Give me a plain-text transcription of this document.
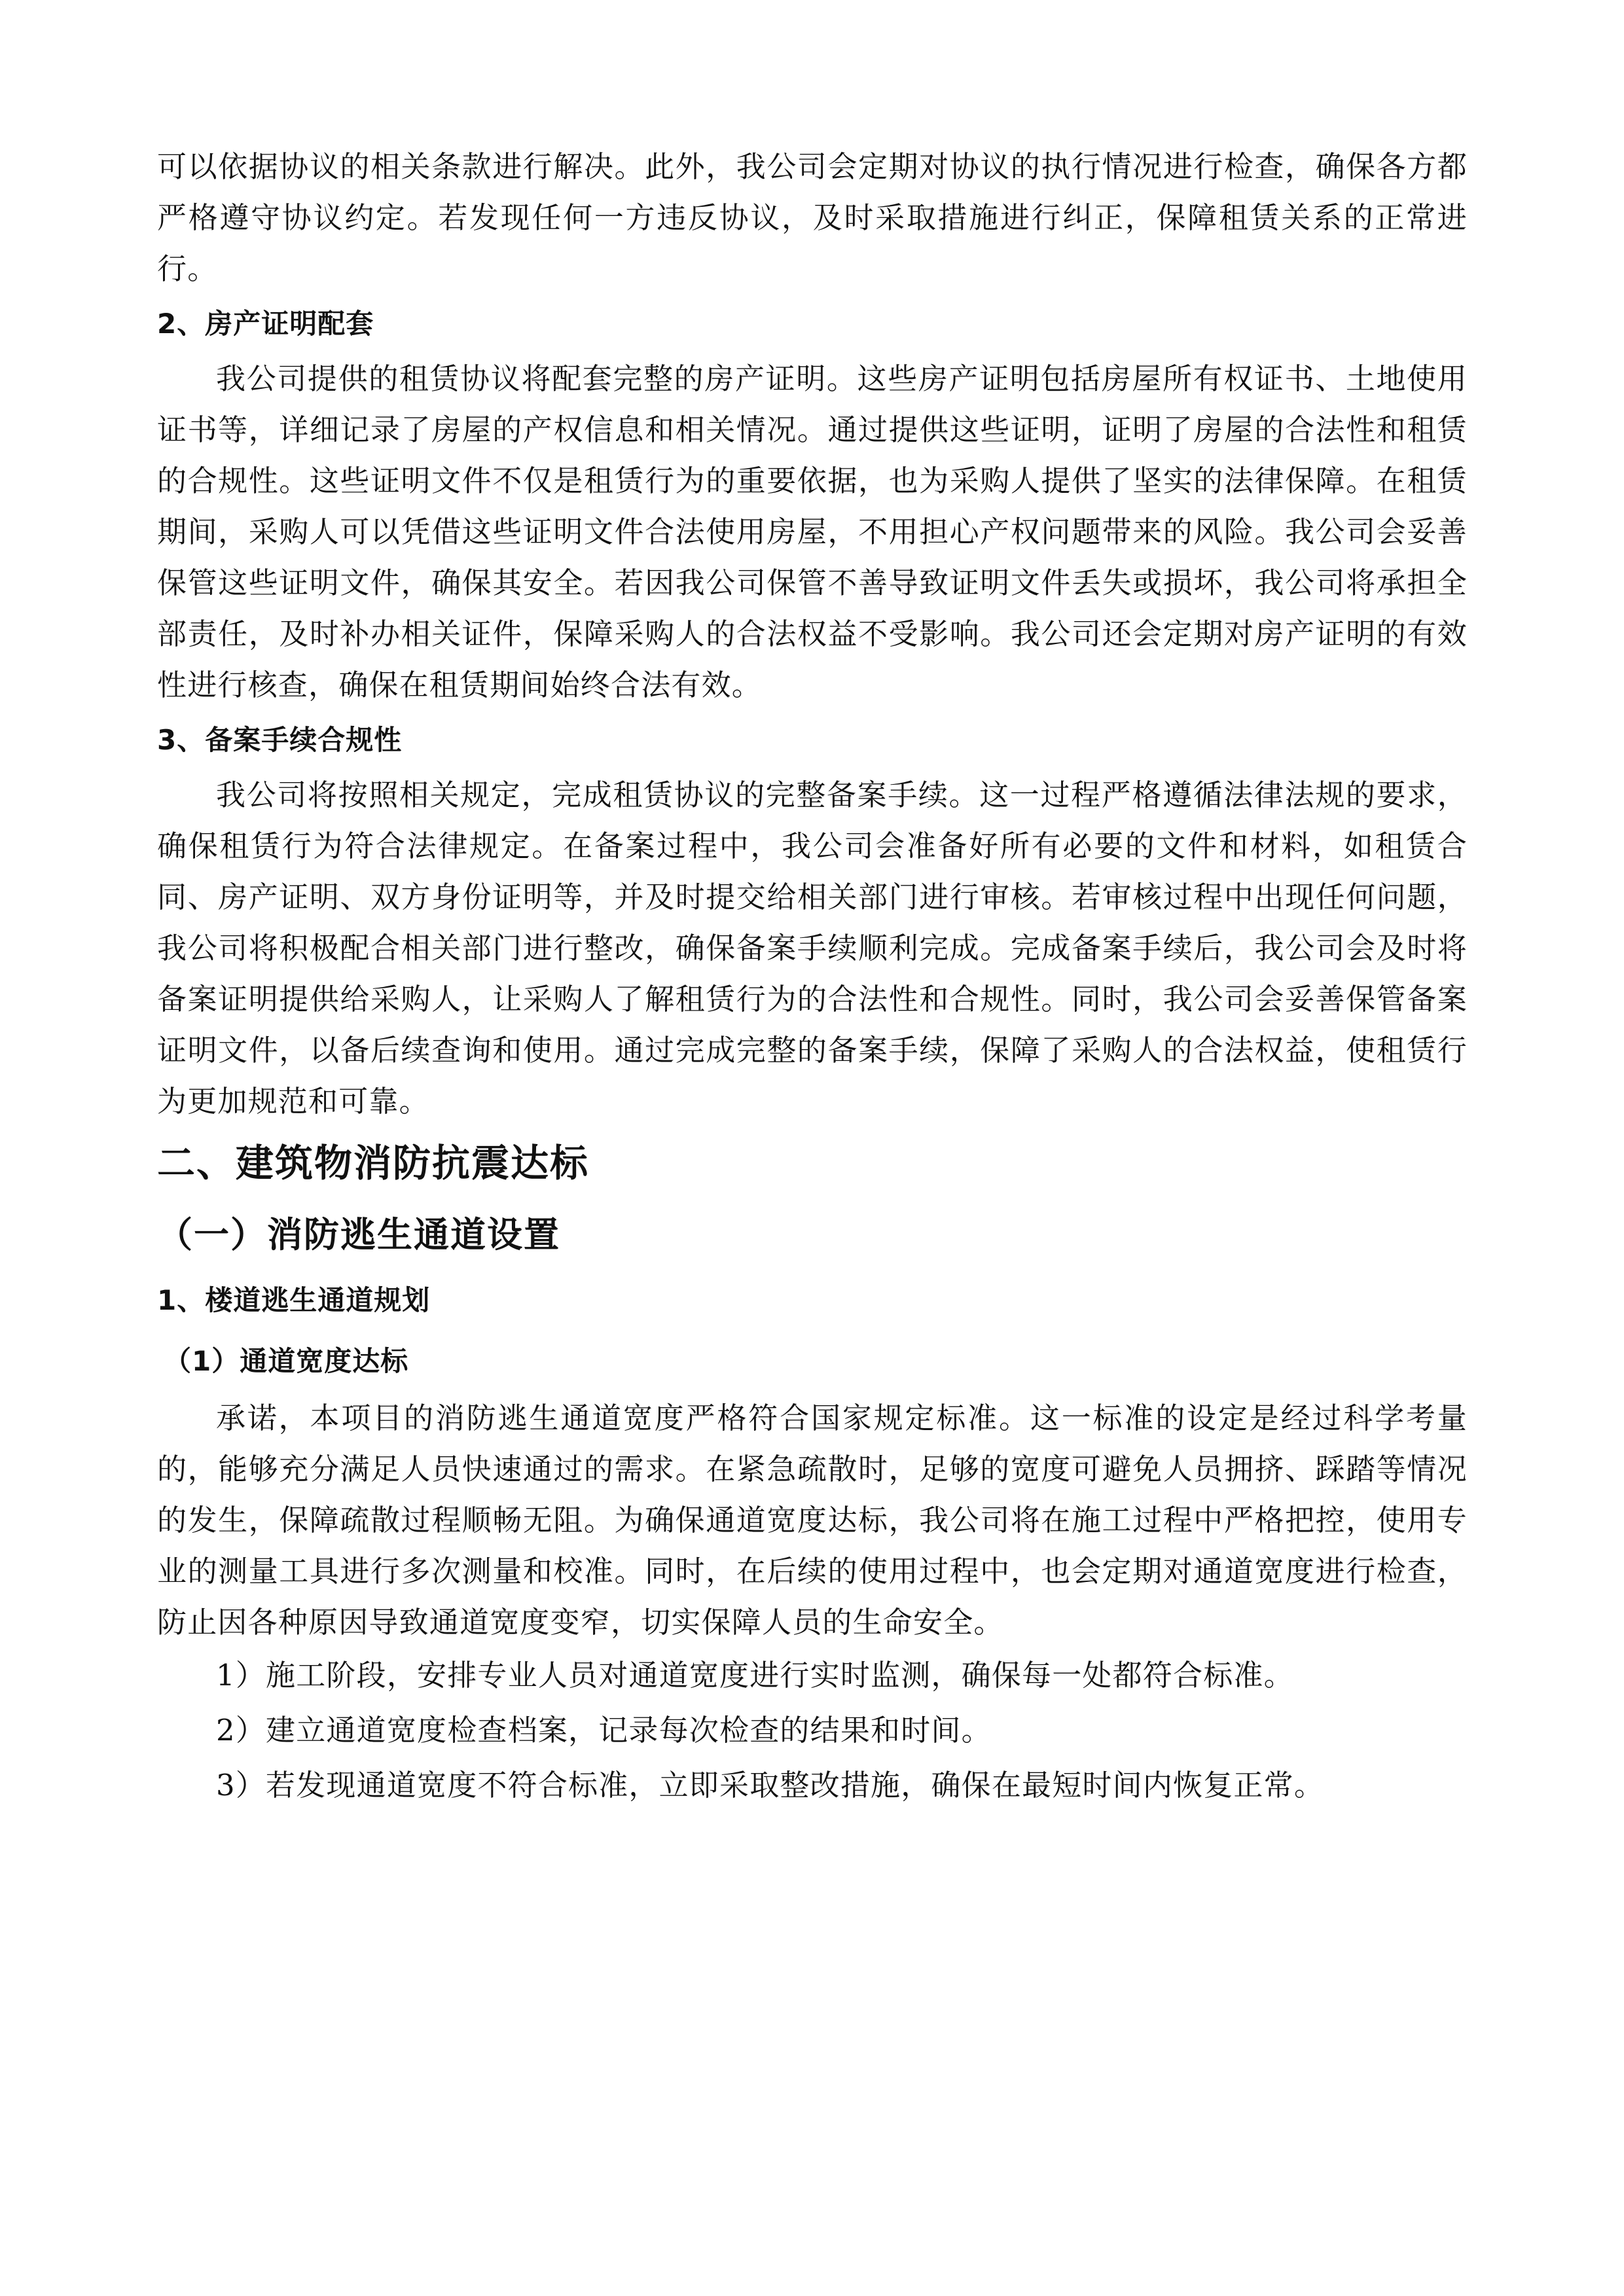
可以依据协议的相关条款进行解决。此外，我公司会定期对协议的执行情况进行检查，确保各方都严格遵守协议约定。若发现任何一方违反协议，及时采取措施进行纠正，保障租赁关系的正常进行。

2、房产证明配套

我公司提供的租赁协议将配套完整的房产证明。这些房产证明包括房屋所有权证书、土地使用证书等，详细记录了房屋的产权信息和相关情况。通过提供这些证明，证明了房屋的合法性和租赁的合规性。这些证明文件不仅是租赁行为的重要依据，也为采购人提供了坚实的法律保障。在租赁期间，采购人可以凭借这些证明文件合法使用房屋，不用担心产权问题带来的风险。我公司会妥善保管这些证明文件，确保其安全。若因我公司保管不善导致证明文件丢失或损坏，我公司将承担全部责任，及时补办相关证件，保障采购人的合法权益不受影响。我公司还会定期对房产证明的有效性进行核查，确保在租赁期间始终合法有效。

3、备案手续合规性

我公司将按照相关规定，完成租赁协议的完整备案手续。这一过程严格遵循法律法规的要求，确保租赁行为符合法律规定。在备案过程中，我公司会准备好所有必要的文件和材料，如租赁合同、房产证明、双方身份证明等，并及时提交给相关部门进行审核。若审核过程中出现任何问题，我公司将积极配合相关部门进行整改，确保备案手续顺利完成。完成备案手续后，我公司会及时将备案证明提供给采购人，让采购人了解租赁行为的合法性和合规性。同时，我公司会妥善保管备案证明文件，以备后续查询和使用。通过完成完整的备案手续，保障了采购人的合法权益，使租赁行为更加规范和可靠。

二、建筑物消防抗震达标
（一）消防逃生通道设置
1、楼道逃生通道规划
（1）通道宽度达标

承诺，本项目的消防逃生通道宽度严格符合国家规定标准。这一标准的设定是经过科学考量的，能够充分满足人员快速通过的需求。在紧急疏散时，足够的宽度可避免人员拥挤、踩踏等情况的发生，保障疏散过程顺畅无阻。为确保通道宽度达标，我公司将在施工过程中严格把控，使用专业的测量工具进行多次测量和校准。同时，在后续的使用过程中，也会定期对通道宽度进行检查，防止因各种原因导致通道宽度变窄，切实保障人员的生命安全。

1）施工阶段，安排专业人员对通道宽度进行实时监测，确保每一处都符合标准。

2）建立通道宽度检查档案，记录每次检查的结果和时间。

3）若发现通道宽度不符合标准，立即采取整改措施，确保在最短时间内恢复正常。
